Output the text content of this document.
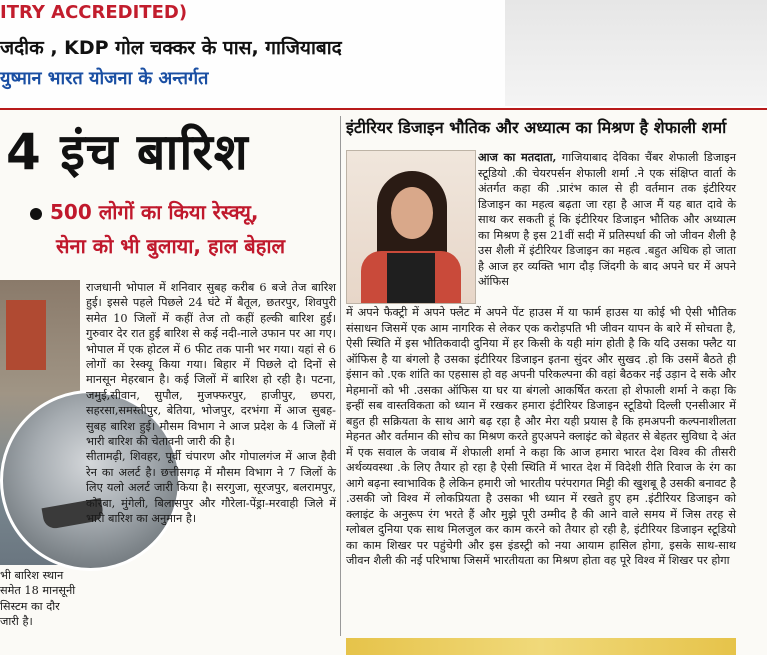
ITRY ACCREDITED)
जदीक , KDP गोल चक्कर के पास, गाजियाबाद
युष्मान भारत योजना के अन्तर्गत
4 इंच बारिश
500 लोगों का किया रेस्क्यू,
सेना को भी बुलाया, हाल बेहाल
राजधानी भोपाल में शनिवार सुबह करीब 6 बजे तेज बारिश हुई। इससे पहले पिछले 24 घंटे में बैतूल, छतरपुर, शिवपुरी समेत 10 जिलों में कहीं तेज तो कहीं हल्की बारिश हुई। गुरुवार देर रात हुई बारिश से कई नदी-नाले उफान पर आ गए। भोपाल में एक होटल में 6 फीट तक पानी भर गया। यहां से 6 लोगों का रेस्क्यू किया गया। बिहार में पिछले दो दिनों से मानसून मेहरबान है। कई जिलों में बारिश हो रही है। पटना, जमुई,सीवान, सुपौल, मुजफ्फरपुर, हाजीपुर, छपरा, सहरसा,समस्तीपुर, बेतिया, भोजपुर, दरभंगा में आज सुबह-सुबह बारिश हुई। मौसम विभाग ने आज प्रदेश के 4 जिलों में भारी बारिश की चेतावनी जारी की है।
सीतामढ़ी, शिवहर, पूर्वी चंपारण और गोपालगंज में आज हैवी रेन का अलर्ट है। छत्तीसगढ़ में मौसम विभाग ने 7 जिलों के लिए यलो अलर्ट जारी किया है। सरगुजा, सूरजपुर, बलरामपुर, कोरबा, मुंगेली, बिलासपुर और गौरेला-पेंड्रा-मरवाही जिले में भारी बारिश का अनुमान है।
भी बारिश स्थान समेत 18 मानसूनी सिस्टम का दौर जारी है।
इंटीरियर डिजाइन भौतिक और अध्यात्म का मिश्रण है शेफाली शर्मा
आज का मतदाता, गाजियाबाद देविका चैंबर शेफाली डिजाइन स्टूडियो .की चेयरपर्सन शेफाली शर्मा .ने एक संक्षिप्त वार्ता के अंतर्गत कहा की .प्रारंभ काल से ही वर्तमान तक इंटीरियर डिजाइन का महत्व बढ़ता जा रहा है आज मैं यह बात दावे के साथ कर सकती हूं कि इंटीरियर डिजाइन भौतिक और अध्यात्म का मिश्रण है इस 21वीं सदी में प्रतिस्पर्धा की जो जीवन शैली है उस शैली में इंटीरियर डिजाइन का महत्व .बहुत अधिक हो जाता है आज हर व्यक्ति भाग दौड़ जिंदगी के बाद अपने घर में अपने ऑफिस
में अपने फैक्ट्री में अपने फ्लैट में अपने पेंट हाउस में या फार्म हाउस या कोई भी ऐसी भौतिक संसाधन जिसमें एक आम नागरिक से लेकर एक करोड़पति भी जीवन यापन के बारे में सोचता है, ऐसी स्थिति में इस भौतिकवादी दुनिया में हर किसी के यही मांग होती है कि यदि उसका फ्लैट या ऑफिस है या बंगलो है उसका इंटीरियर डिजाइन इतना सुंदर और सुखद .हो कि उसमें बैठते ही इंसान को .एक शांति का एहसास हो वह अपनी परिकल्पना की वहां बैठकर नई उड़ान दे सके और मेहमानों को भी .उसका ऑफिस या घर या बंगलो आकर्षित करता हो शेफाली शर्मा ने कहा कि इन्हीं सब वास्तविकता को ध्यान में रखकर हमारा इंटीरियर डिजाइन स्टूडियो दिल्ली एनसीआर में बहुत ही सक्रियता के साथ आगे बढ़ रहा है और मेरा यही प्रयास है कि हमअपनी कल्पनाशीलता मेहनत और वर्तमान की सोच का मिश्रण करते हुएअपने क्लाइंट को बेहतर से बेहतर सुविधा दे अंत में एक सवाल के जवाब में शेफाली शर्मा ने कहा कि आज हमारा भारत देश विश्व की तीसरी अर्थव्यवस्था .के लिए तैयार हो रहा है ऐसी स्थिति में भारत देश में विदेशी रीति रिवाज के रंग का आगे बढ़ना स्वाभाविक है लेकिन हमारी जो भारतीय परंपरागत मिट्टी की खुशबू है उसकी बनावट है .उसकी जो विश्व में लोकप्रियता है उसका भी ध्यान में रखते हुए हम .इंटीरियर डिजाइन को क्लाइंट के अनुरूप रंग भरते हैं और मुझे पूरी उम्मीद है की आने वाले समय में जिस तरह से ग्लोबल दुनिया एक साथ मिलजुल कर काम करने को तैयार हो रही है, इंटीरियर डिजाइन स्टूडियो का काम शिखर पर पहुंचेगी और इस इंडस्ट्री को नया आयाम हासिल होगा, इसके साथ-साथ जीवन शैली की नई परिभाषा जिसमें भारतीयता का मिश्रण होता वह पूरे विश्व में शिखर पर होगा
